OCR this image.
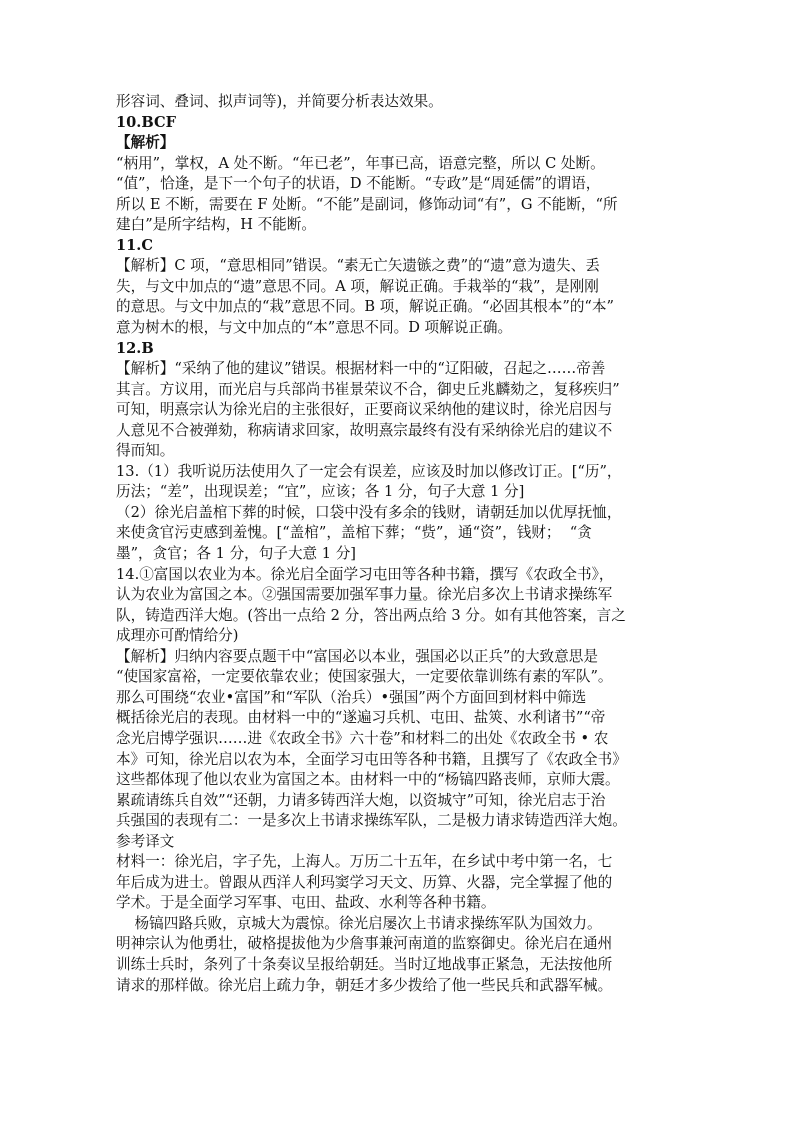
形容词、叠词、拟声词等)，并简要分析表达效果。
10.BCF
【解析】
“柄用”，掌权，A 处不断。“年已老”，年事已高，语意完整，所以 C 处断。
“值”，恰逢，是下一个句子的状语，D 不能断。“专政”是“周延儒”的谓语，
所以 E 不断，需要在 F 处断。“不能”是副词，修饰动词“有”，G 不能断，“所
建白”是所字结构，H 不能断。
11.C
【解析】C 项，“意思相同”错误。“素无亡矢遗镞之费”的“遗”意为遗失、丢
失，与文中加点的“遗”意思不同。A 项，解说正确。手栽举的“栽”，是刚刚
的意思。与文中加点的“栽”意思不同。B 项，解说正确。“必固其根本”的“本”
意为树木的根，与文中加点的“本”意思不同。D 项解说正确。
12.B
【解析】“采纳了他的建议”错误。根据材料一中的“辽阳破，召起之……帝善
其言。方议用，而光启与兵部尚书崔景荣议不合，御史丘兆麟劾之，复移疾归”
可知，明熹宗认为徐光启的主张很好，正要商议采纳他的建议时，徐光启因与
人意见不合被弹劾，称病请求回家，故明熹宗最终有没有采纳徐光启的建议不
得而知。
13.（1）我听说历法使用久了一定会有误差，应该及时加以修改订正。[“历”，
历法；“差”，出现误差；“宜”，应该；各 1 分，句子大意 1 分]
（2）徐光启盖棺下葬的时候，口袋中没有多余的钱财，请朝廷加以优厚抚恤，
来使贪官污吏感到羞愧。[“盖棺”，盖棺下葬；“赀”，通“资”，钱财；  “贪
墨”，贪官；各 1 分，句子大意 1 分]
14.①富国以农业为本。徐光启全面学习屯田等各种书籍，撰写《农政全书》，
认为农业为富国之本。②强国需要加强军事力量。徐光启多次上书请求操练军
队，铸造西洋大炮。(答出一点给 2 分，答出两点给 3 分。如有其他答案，言之
成理亦可酌情给分)
【解析】归纳内容要点题干中“富国必以本业，强国必以正兵”的大致意思是
“使国家富裕，一定要依靠农业；使国家强大，一定要依靠训练有素的军队”。
那么可围绕“农业•富国”和“军队（治兵）•强国”两个方面回到材料中筛选
概括徐光启的表现。由材料一中的“遂遍习兵机、屯田、盐筴、水利诸书”“帝
念光启博学强识……进《农政全书》六十卷”和材料二的出处《农政全书 • 农
本》可知，徐光启以农为本，全面学习屯田等各种书籍，且撰写了《农政全书》
这些都体现了他以农业为富国之本。由材料一中的“杨镐四路丧师，京师大震。
累疏请练兵自效”“还朝，力请多铸西洋大炮，以资城守”可知，徐光启志于治
兵强国的表现有二：一是多次上书请求操练军队，二是极力请求铸造西洋大炮。
参考译文
材料一：徐光启，字子先，上海人。万历二十五年，在乡试中考中第一名，七
年后成为进士。曾跟从西洋人利玛窦学习天文、历算、火器，完全掌握了他的
学术。于是全面学习军事、屯田、盐政、水利等各种书籍。
杨镐四路兵败，京城大为震惊。徐光启屡次上书请求操练军队为国效力。
明神宗认为他勇壮，破格提拔他为少詹事兼河南道的监察御史。徐光启在通州
训练士兵时，条列了十条奏议呈报给朝廷。当时辽地战事正紧急，无法按他所
请求的那样做。徐光启上疏力争，朝廷才多少拨给了他一些民兵和武器军械。
